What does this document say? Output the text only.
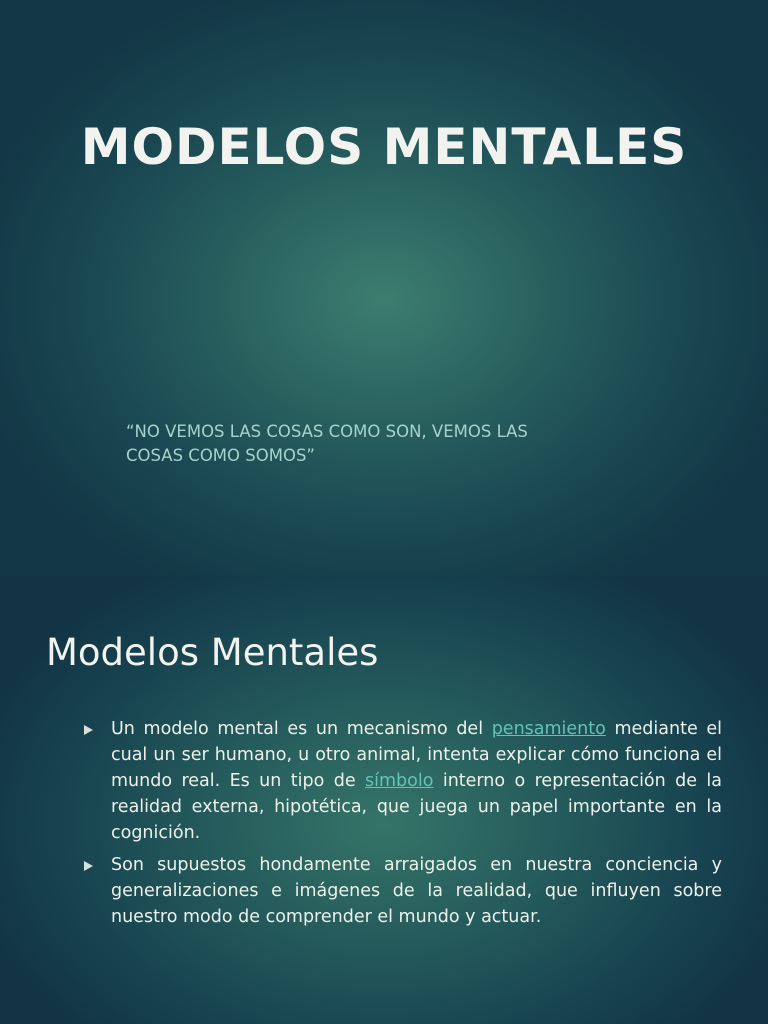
MODELOS MENTALES

“NO VEMOS LAS COSAS COMO SON, VEMOS LAS
COSAS COMO SOMOS”

Modelos Mentales
Un modelo mental es un mecanismo del pensamiento mediante el cual un ser humano, u otro animal, intenta explicar cómo funciona el mundo real. Es un tipo de símbolo interno o representación de la realidad externa, hipotética, que juega un papel importante en la cognición.
Son supuestos hondamente arraigados en nuestra conciencia y generalizaciones e imágenes de la realidad, que influyen sobre nuestro modo de comprender el mundo y actuar.
